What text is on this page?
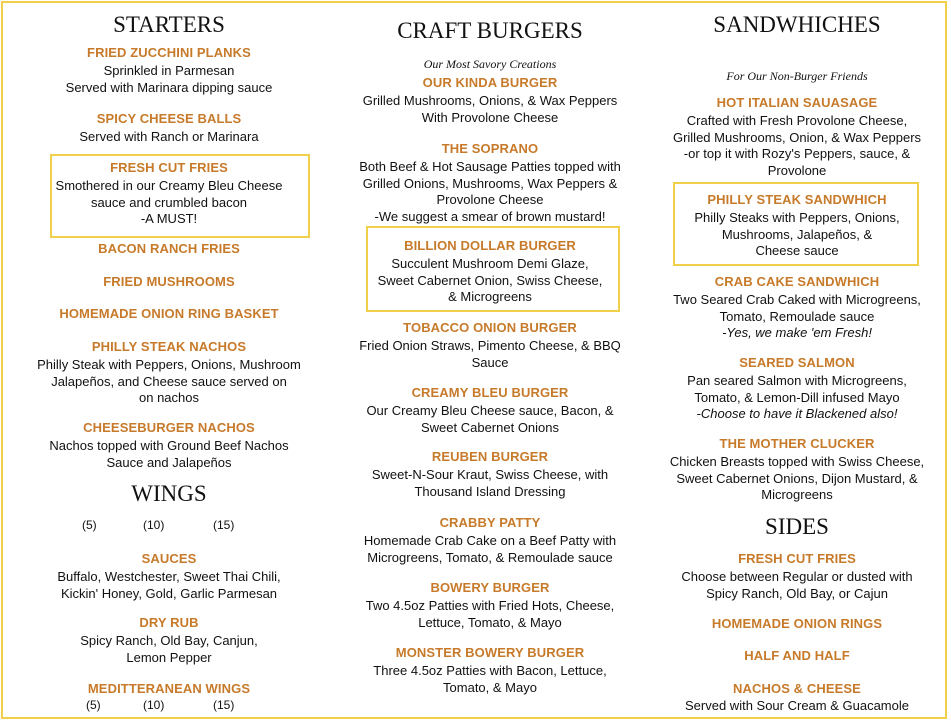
STARTERS
FRIED ZUCCHINI PLANKS
Sprinkled in Parmesan
Served with Marinara dipping sauce
SPICY CHEESE BALLS
Served with Ranch or Marinara
FRESH CUT FRIES
Smothered in our Creamy Bleu Cheese
sauce and crumbled bacon
-A MUST!
BACON RANCH FRIES
FRIED MUSHROOMS
HOMEMADE ONION RING BASKET
PHILLY STEAK NACHOS
Philly Steak with Peppers, Onions, Mushroom
Jalapeños, and Cheese sauce served on
on nachos
CHEESEBURGER NACHOS
Nachos topped with Ground Beef Nachos
Sauce and Jalapeños
WINGS
(5)	(10)	(15)
SAUCES
Buffalo, Westchester, Sweet Thai Chili,
Kickin' Honey, Gold, Garlic Parmesan
DRY RUB
Spicy Ranch, Old Bay, Canjun,
Lemon Pepper
MEDITTERANEAN WINGS
(5)	(10)	(15)
CRAFT BURGERS
Our Most Savory Creations
OUR KINDA BURGER
Grilled Mushrooms, Onions, & Wax Peppers
With Provolone Cheese
THE SOPRANO
Both Beef & Hot Sausage Patties topped with
Grilled Onions, Mushrooms, Wax Peppers &
Provolone Cheese
-We suggest a smear of brown mustard!
BILLION DOLLAR BURGER
Succulent Mushroom Demi Glaze,
Sweet Cabernet Onion, Swiss Cheese,
& Microgreens
TOBACCO ONION BURGER
Fried Onion Straws, Pimento Cheese, & BBQ
Sauce
CREAMY BLEU BURGER
Our Creamy Bleu Cheese sauce, Bacon, &
Sweet Cabernet Onions
REUBEN BURGER
Sweet-N-Sour Kraut, Swiss Cheese, with
Thousand Island Dressing
CRABBY PATTY
Homemade Crab Cake on a Beef Patty with
Microgreens, Tomato, & Remoulade sauce
BOWERY BURGER
Two 4.5oz Patties with Fried Hots, Cheese,
Lettuce, Tomato, & Mayo
MONSTER BOWERY BURGER
Three 4.5oz Patties with Bacon, Lettuce,
Tomato, & Mayo
SANDWHICHES
For Our Non-Burger Friends
HOT ITALIAN SAUASAGE
Crafted with Fresh Provolone Cheese,
Grilled Mushrooms, Onion, & Wax Peppers
-or top it with Rozy's Peppers, sauce, &
Provolone
PHILLY STEAK SANDWHICH
Philly Steaks with Peppers, Onions,
Mushrooms, Jalapeños, &
Cheese sauce
CRAB CAKE SANDWHICH
Two Seared Crab Caked with Microgreens,
Tomato, Remoulade sauce
-Yes, we make 'em Fresh!
SEARED SALMON
Pan seared Salmon with Microgreens,
Tomato, & Lemon-Dill infused Mayo
-Choose to have it Blackened also!
THE MOTHER CLUCKER
Chicken Breasts topped with Swiss Cheese,
Sweet Cabernet Onions, Dijon Mustard, &
Microgreens
SIDES
FRESH CUT FRIES
Choose between Regular or dusted with
Spicy Ranch, Old Bay, or Cajun
HOMEMADE ONION RINGS
HALF AND HALF
NACHOS & CHEESE
Served with Sour Cream & Guacamole
